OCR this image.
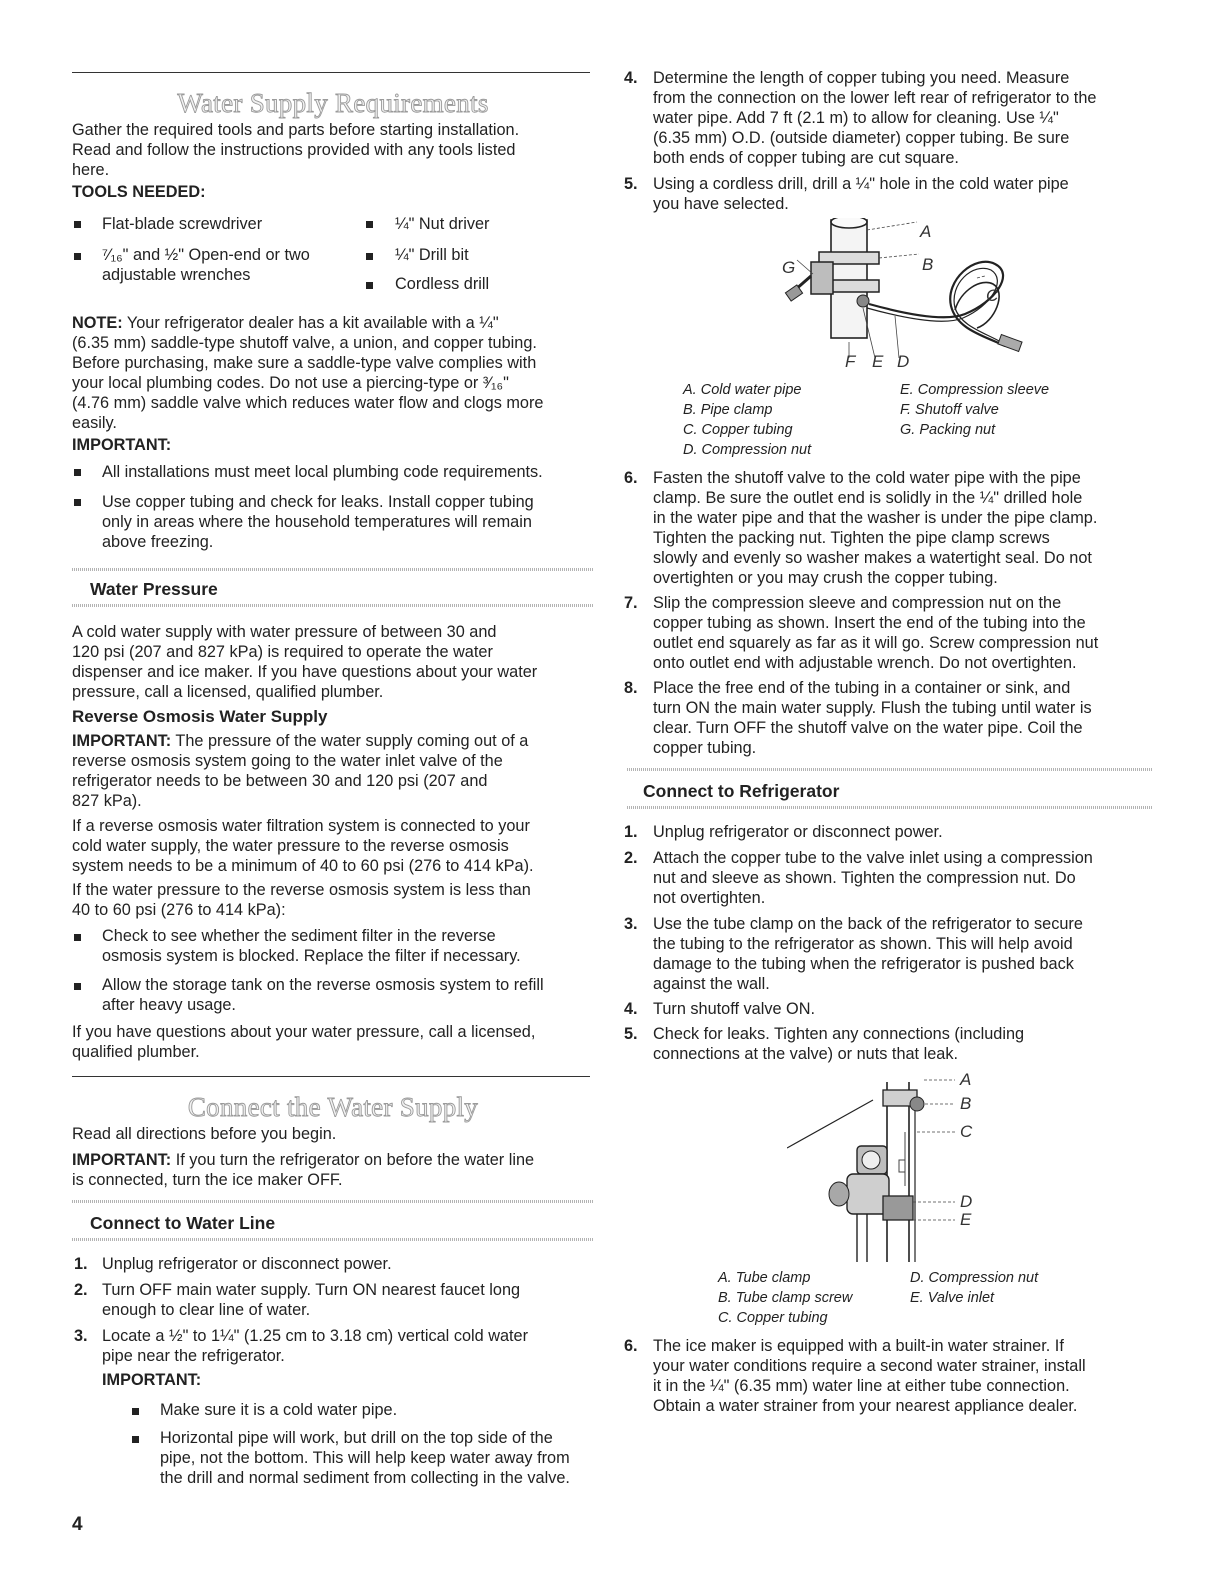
Water Supply Requirements

Gather the required tools and parts before starting installation.

Read and follow the instructions provided with any tools listed

here.

TOOLS NEEDED:

Flat-blade screwdriver

⁷⁄₁₆" and ½" Open-end or two

adjustable wrenches

¼" Nut driver

¼" Drill bit

Cordless drill

NOTE: Your refrigerator dealer has a kit available with a ¼"

(6.35 mm) saddle-type shutoff valve, a union, and copper tubing.

Before purchasing, make sure a saddle-type valve complies with

your local plumbing codes. Do not use a piercing-type or ³⁄₁₆"

(4.76 mm) saddle valve which reduces water flow and clogs more

easily.

IMPORTANT:

All installations must meet local plumbing code requirements.

Use copper tubing and check for leaks. Install copper tubing

only in areas where the household temperatures will remain

above freezing.

Water Pressure

A cold water supply with water pressure of between 30 and

120 psi (207 and 827 kPa) is required to operate the water

dispenser and ice maker. If you have questions about your water

pressure, call a licensed, qualified plumber.

Reverse Osmosis Water Supply

IMPORTANT: The pressure of the water supply coming out of a

reverse osmosis system going to the water inlet valve of the

refrigerator needs to be between 30 and 120 psi (207 and

827 kPa).

If a reverse osmosis water filtration system is connected to your

cold water supply, the water pressure to the reverse osmosis

system needs to be a minimum of 40 to 60 psi (276 to 414 kPa).

If the water pressure to the reverse osmosis system is less than

40 to 60 psi (276 to 414 kPa):

Check to see whether the sediment filter in the reverse

osmosis system is blocked. Replace the filter if necessary.

Allow the storage tank on the reverse osmosis system to refill

after heavy usage.

If you have questions about your water pressure, call a licensed,

qualified plumber.

Connect the Water Supply

Read all directions before you begin.

IMPORTANT: If you turn the refrigerator on before the water line

is connected, turn the ice maker OFF.

Connect to Water Line
1. Unplug refrigerator or disconnect power.

2. Turn OFF main water supply. Turn ON nearest faucet long

enough to clear line of water.

3. Locate a ½" to 1¼" (1.25 cm to 3.18 cm) vertical cold water

pipe near the refrigerator.

IMPORTANT:

Make sure it is a cold water pipe.

Horizontal pipe will work, but drill on the top side of the

pipe, not the bottom. This will help keep water away from

the drill and normal sediment from collecting in the valve.

4. Determine the length of copper tubing you need. Measure

from the connection on the lower left rear of refrigerator to the

water pipe. Add 7 ft (2.1 m) to allow for cleaning. Use ¼"

(6.35 mm) O.D. (outside diameter) copper tubing. Be sure

both ends of copper tubing are cut square.

5. Using a cordless drill, drill a ¼" hole in the cold water pipe

you have selected.

A
B
C
G
F E D
A. Cold water pipe
B. Pipe clamp
C. Copper tubing
D. Compression nut
E. Compression sleeve
F. Shutoff valve
G. Packing nut
6. Fasten the shutoff valve to the cold water pipe with the pipe

clamp. Be sure the outlet end is solidly in the ¼" drilled hole

in the water pipe and that the washer is under the pipe clamp.

Tighten the packing nut. Tighten the pipe clamp screws

slowly and evenly so washer makes a watertight seal. Do not

overtighten or you may crush the copper tubing.

7. Slip the compression sleeve and compression nut on the

copper tubing as shown. Insert the end of the tubing into the

outlet end squarely as far as it will go. Screw compression nut

onto outlet end with adjustable wrench. Do not overtighten.

8. Place the free end of the tubing in a container or sink, and

turn ON the main water supply. Flush the tubing until water is

clear. Turn OFF the shutoff valve on the water pipe. Coil the

copper tubing.

Connect to Refrigerator
1. Unplug refrigerator or disconnect power.

2. Attach the copper tube to the valve inlet using a compression

nut and sleeve as shown. Tighten the compression nut. Do

not overtighten.

3. Use the tube clamp on the back of the refrigerator to secure

the tubing to the refrigerator as shown. This will help avoid

damage to the tubing when the refrigerator is pushed back

against the wall.

4. Turn shutoff valve ON.

5. Check for leaks. Tighten any connections (including

connections at the valve) or nuts that leak.

A
B
C
D
E
A. Tube clamp
B. Tube clamp screw
C. Copper tubing
D. Compression nut
E. Valve inlet
6. The ice maker is equipped with a built-in water strainer. If

your water conditions require a second water strainer, install

it in the ¼" (6.35 mm) water line at either tube connection.

Obtain a water strainer from your nearest appliance dealer.

4
